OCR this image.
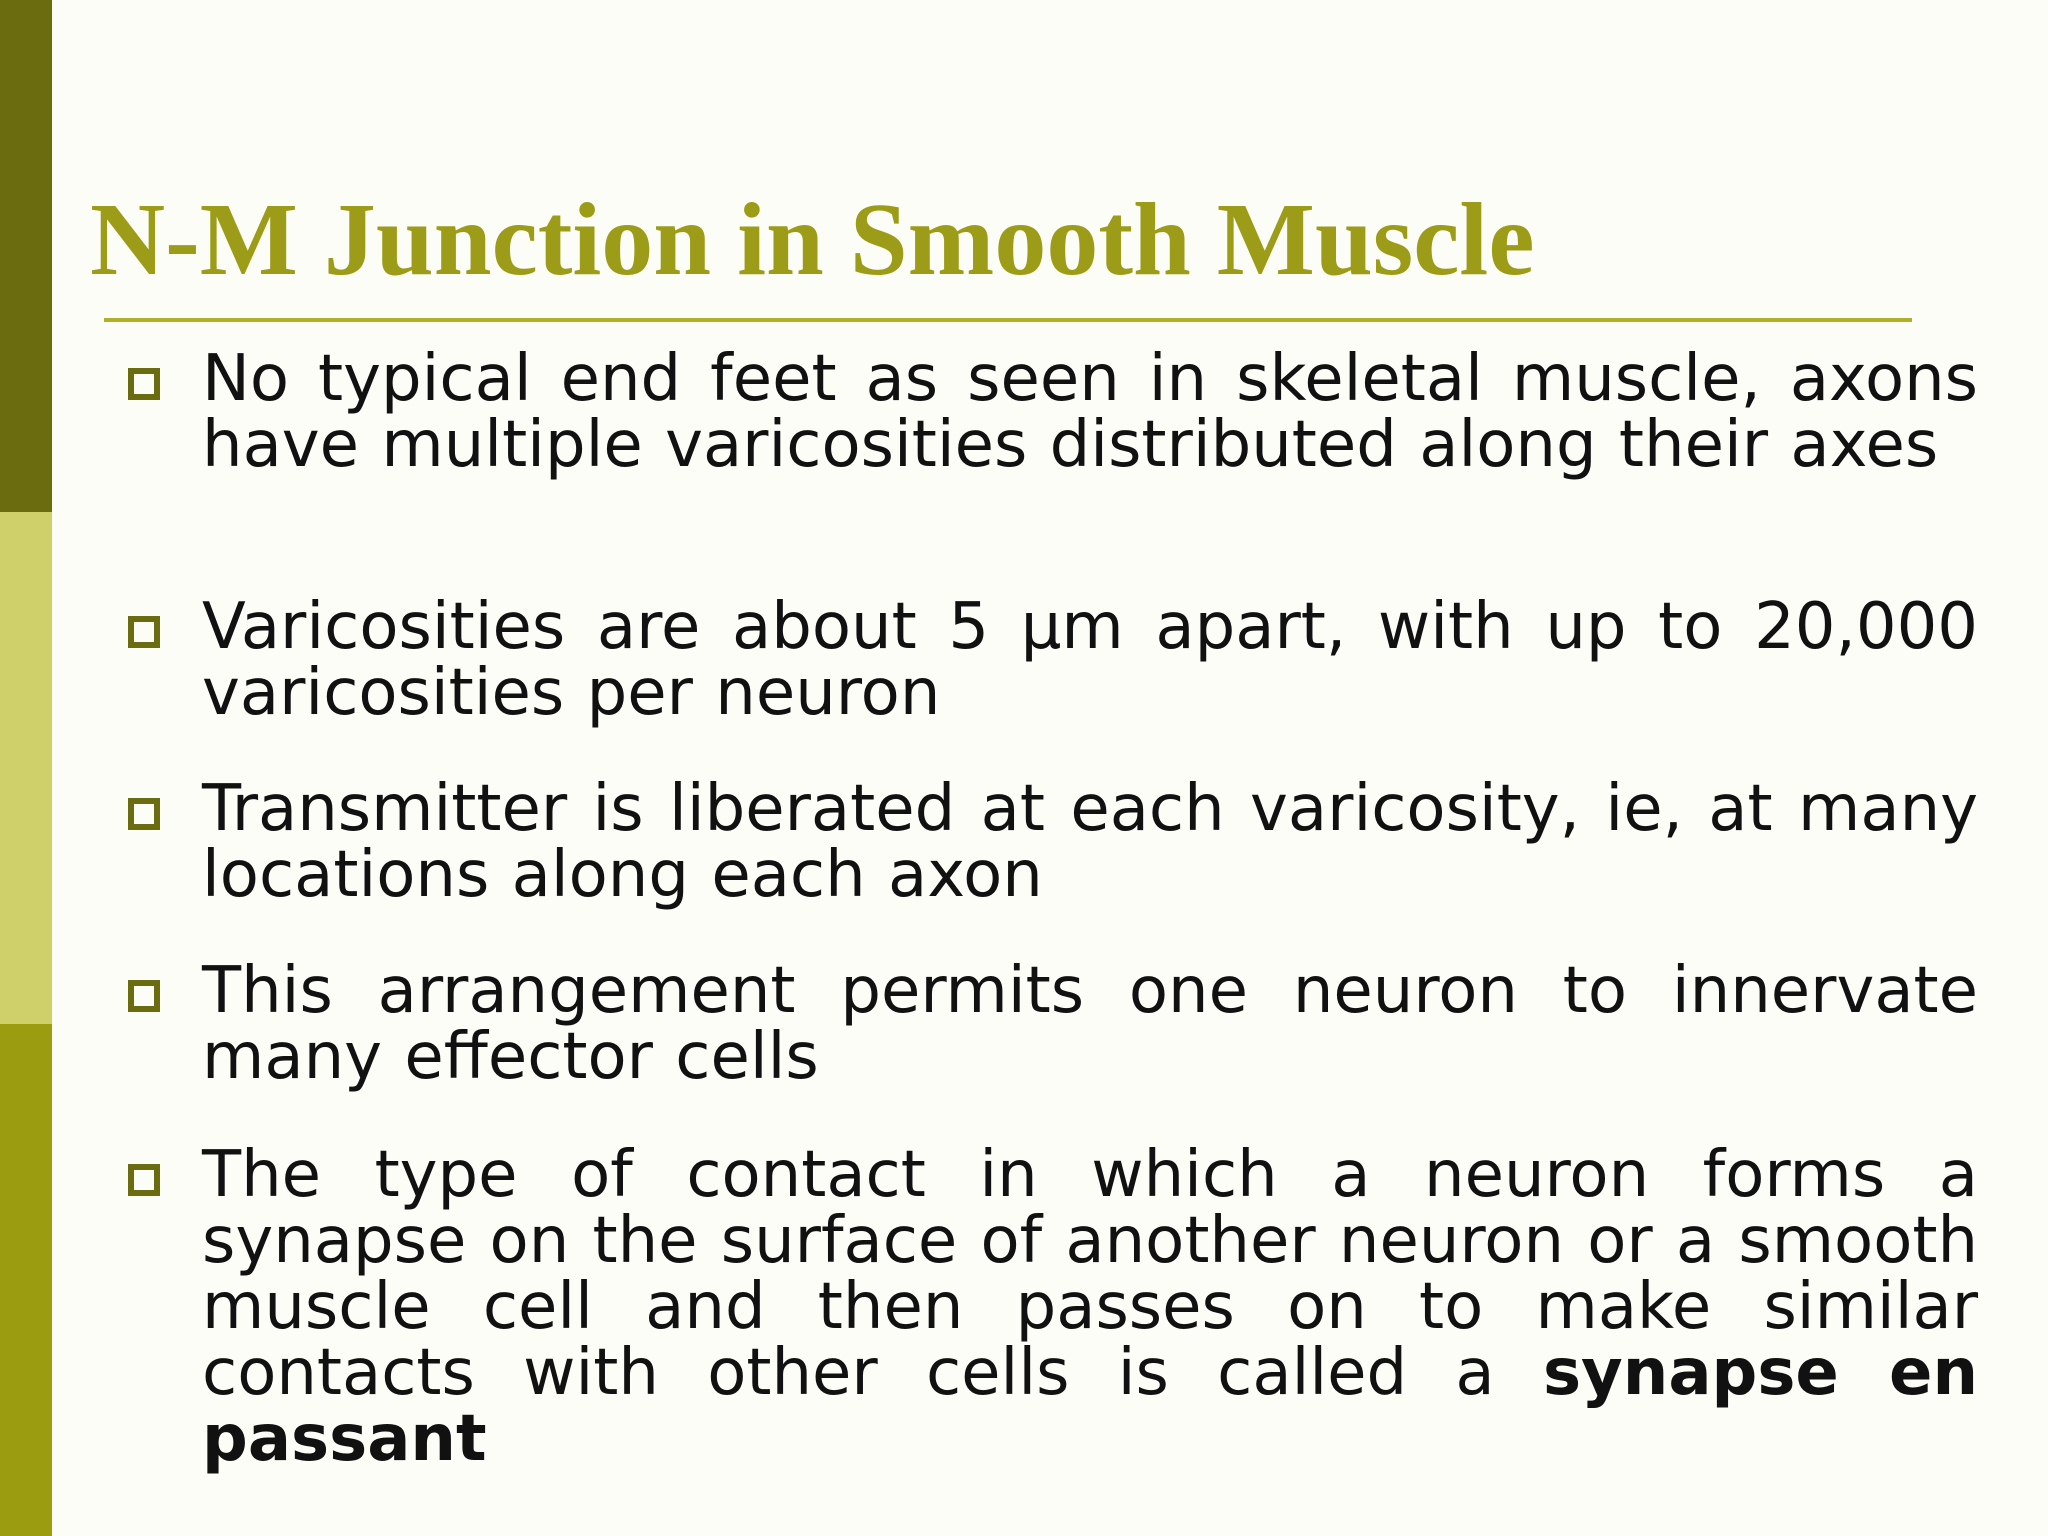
N-M Junction in Smooth Muscle
No typical end feet as seen in skeletal muscle, axons have multiple varicosities distributed along their axes
Varicosities are about 5 µm apart, with up to 20,000 varicosities per neuron
Transmitter is liberated at each varicosity, ie, at many locations along each axon
This arrangement permits one neuron to innervate many effector cells
The type of contact in which a neuron forms a synapse on the surface of another neuron or a smooth muscle cell and then passes on to make similar contacts with other cells is called a synapse en passant
